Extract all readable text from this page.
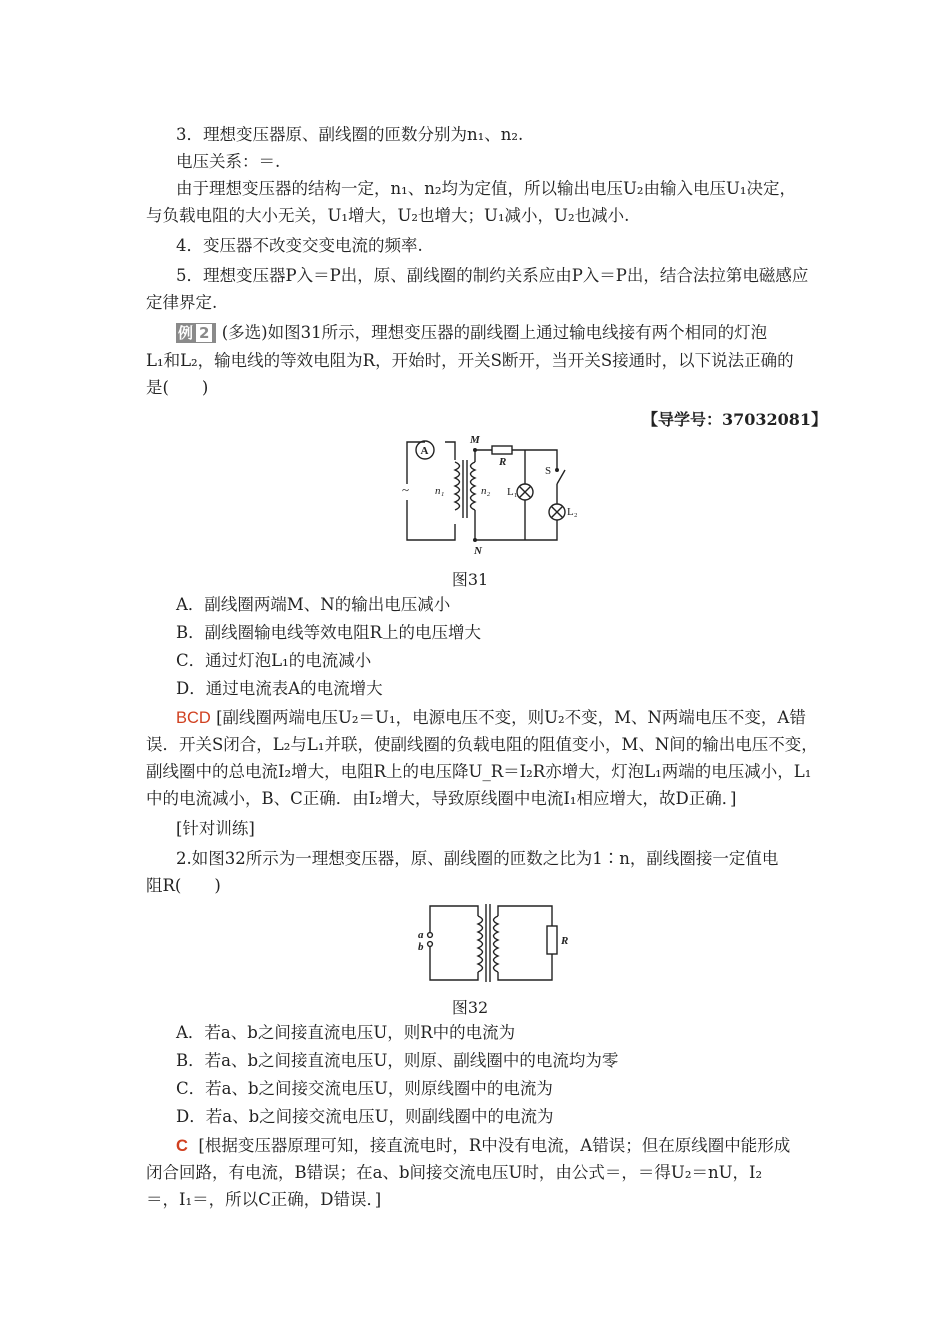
3．理想变压器原、副线圈的匝数分别为n₁、n₂.
电压关系：＝.
由于理想变压器的结构一定，n₁、n₂均为定值，所以输出电压U₂由输入电压U₁决定，
与负载电阻的大小无关，U₁增大，U₂也增大；U₁减小，U₂也减小.
4．变压器不改变交变电流的频率.
5．理想变压器P入＝P出，原、副线圈的制约关系应由P入＝P出，结合法拉第电磁感应
定律界定.
例 2 (多选)如图31所示，理想变压器的副线圈上通过输电线接有两个相同的灯泡
L₁和L₂，输电线的等效电阻为R，开始时，开关S断开，当开关S接通时，以下说法正确的
是(　　)
【导学号：37032081】
A
~ n₁	n₂
M
N
R
L₁
L₂
S
图31
A．副线圈两端M、N的输出电压减小
B．副线圈输电线等效电阻R上的电压增大
C．通过灯泡L₁的电流减小
D．通过电流表A的电流增大
BCD [副线圈两端电压U₂＝U₁，电源电压不变，则U₂不变，M、N两端电压不变，A错
误．开关S闭合，L₂与L₁并联，使副线圈的负载电阻的阻值变小，M、N间的输出电压不变，
副线圈中的总电流I₂增大，电阻R上的电压降U_R＝I₂R亦增大，灯泡L₁两端的电压减小，L₁
中的电流减小，B、C正确．由I₂增大，导致原线圈中电流I₁相应增大，故D正确．]
[针对训练]
2.如图32所示为一理想变压器，原、副线圈的匝数之比为1∶n，副线圈接一定值电
阻R(　　)
a
b	R
图32
A．若a、b之间接直流电压U，则R中的电流为
B．若a、b之间接直流电压U，则原、副线圈中的电流均为零
C．若a、b之间接交流电压U，则原线圈中的电流为
D．若a、b之间接交流电压U，则副线圈中的电流为
C [根据变压器原理可知，接直流电时，R中没有电流，A错误；但在原线圈中能形成
闭合回路，有电流，B错误；在a、b间接交流电压U时，由公式＝，＝得U₂＝nU，I₂
＝，I₁＝，所以C正确，D错误．]
